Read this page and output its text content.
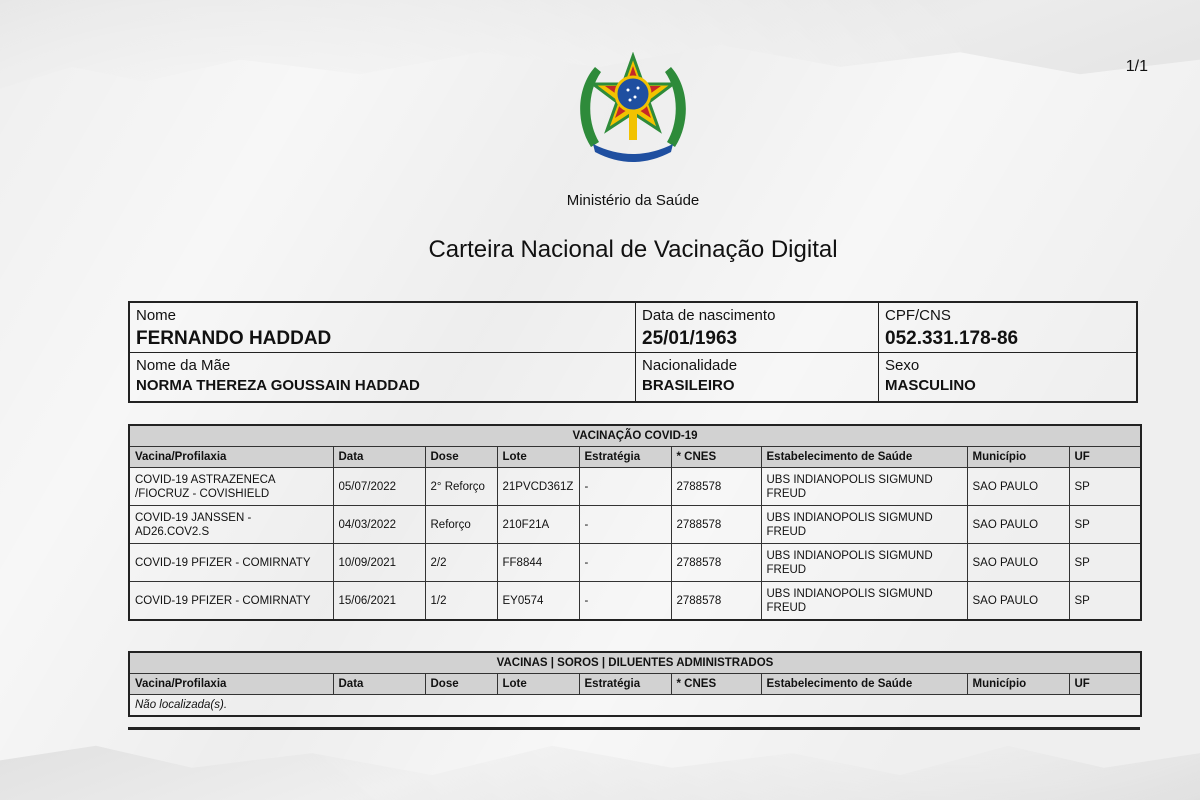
1/1
Ministério da Saúde
Carteira Nacional de Vacinação Digital
Nome
FERNANDO HADDAD
Data de nascimento
25/01/1963
CPF/CNS
052.331.178-86
Nome da Mãe
NORMA THEREZA GOUSSAIN HADDAD
Nacionalidade
BRASILEIRO
Sexo
MASCULINO
VACINAÇÃO COVID-19								
Vacina/Profilaxia	Data	Dose	Lote	Estratégia	* CNES	Estabelecimento de Saúde	Município	UF
COVID-19 ASTRAZENECA /FIOCRUZ - COVISHIELD	05/07/2022	2° Reforço	21PVCD361Z	-	2788578	UBS INDIANOPOLIS SIGMUND FREUD	SAO PAULO	SP
COVID-19 JANSSEN - AD26.COV2.S	04/03/2022	Reforço	210F21A	-	2788578	UBS INDIANOPOLIS SIGMUND FREUD	SAO PAULO	SP
COVID-19 PFIZER - COMIRNATY	10/09/2021	2/2	FF8844	-	2788578	UBS INDIANOPOLIS SIGMUND FREUD	SAO PAULO	SP
COVID-19 PFIZER - COMIRNATY	15/06/2021	1/2	EY0574	-	2788578	UBS INDIANOPOLIS SIGMUND FREUD	SAO PAULO	SP
VACINAS | SOROS | DILUENTES ADMINISTRADOS
Vacina/Profilaxia	Data	Dose	Lote	Estratégia	* CNES	Estabelecimento de Saúde	Município	UF
Não localizada(s).
